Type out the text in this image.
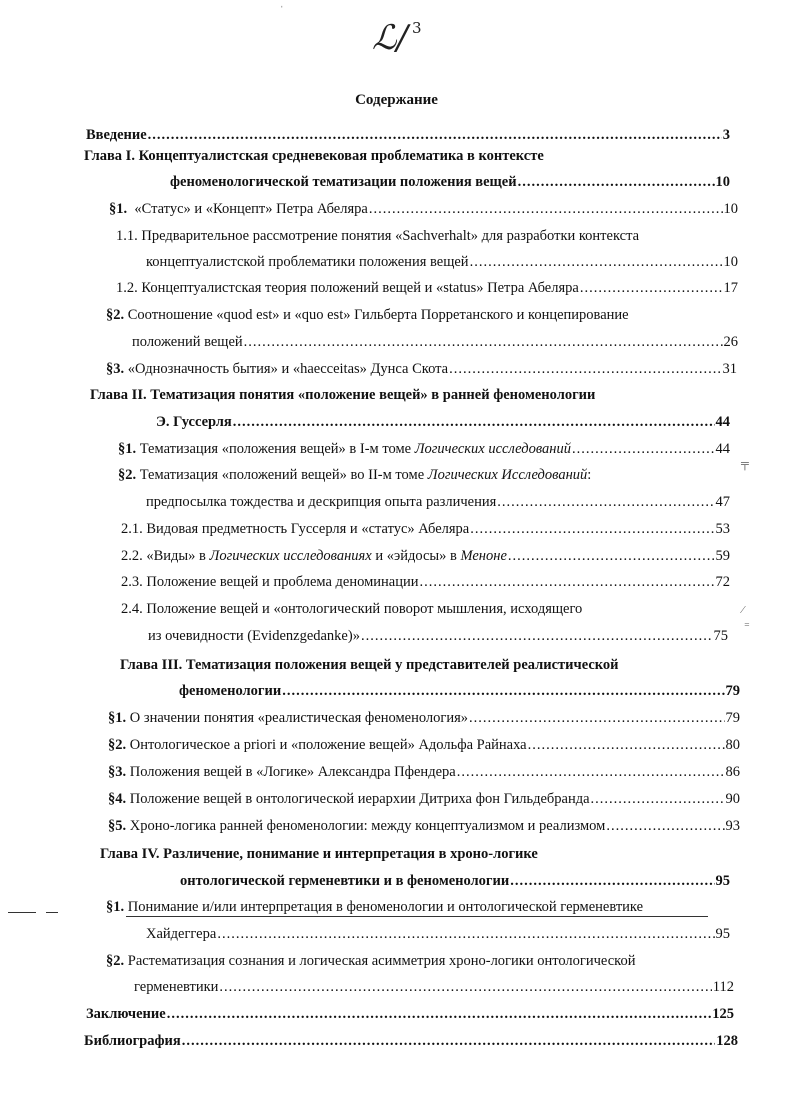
ℒ/ $^3$
ˈ
Содержание
Введение .....	3
Глава I. Концептуалистская средневековая проблематика в контексте
феноменологической тематизации положения вещей .....	10
§1. «Статус» и «Концепт» Петра Абеляра .....	10
1.1. Предварительное рассмотрение понятия «Sachverhalt» для разработки контекста
концептуалистской проблематики положения вещей .....	10
1.2. Концептуалистская теория положений вещей и «status» Петра Абеляра .....	17
§2. Соотношение «quod est» и «quo est» Гильберта Порретанского и концепирование
положений вещей .....	26
§3. «Однозначность бытия» и «haecceitas» Дунса Скота .....	31
Глава II. Тематизация понятия «положение вещей» в ранней феноменологии
Э. Гуссерля .....	44
§1. Тематизация «положения вещей» в I-м томе Логических исследований .....	44
§2. Тематизация «положений вещей» во II-м томе Логических Исследований:
предпосылка тождества и дескрипция опыта различения .....	47
2.1. Видовая предметность Гуссерля и «статус» Абеляра .....	53
2.2. «Виды» в Логических исследованиях и «эйдосы» в Меноне .....	59
2.3. Положение вещей и проблема деноминации .....	72
2.4. Положение вещей и «онтологический поворот мышления, исходящего
из очевидности (Evidenzgedanke)» .....	75
Глава III. Тематизация положения вещей у представителей реалистической
феноменологии .....	79
§1. О значении понятия «реалистическая феноменология» .....	79
§2. Онтологическое a priori и «положение вещей» Адольфа Райнаха .....	80
§3. Положения вещей в «Логике» Александра Пфендера .....	86
§4. Положение вещей в онтологической иерархии Дитриха фон Гильдебранда .....	90
§5. Хроно-логика ранней феноменологии: между концептуализмом и реализмом .....	93
Глава IV. Различение, понимание и интерпретация в хроно-логике
онтологической герменевтики и в феноменологии .....	95
§1. Понимание и/или интерпретация в феноменологии и онтологической герменевтике
Хайдеггера .....	95
§2. Растематизация сознания и логическая асимметрия хроно-логики онтологической
герменевтики .....	112
Заключение .....	125
Библиография .....	128
╤
⁄
⁼
